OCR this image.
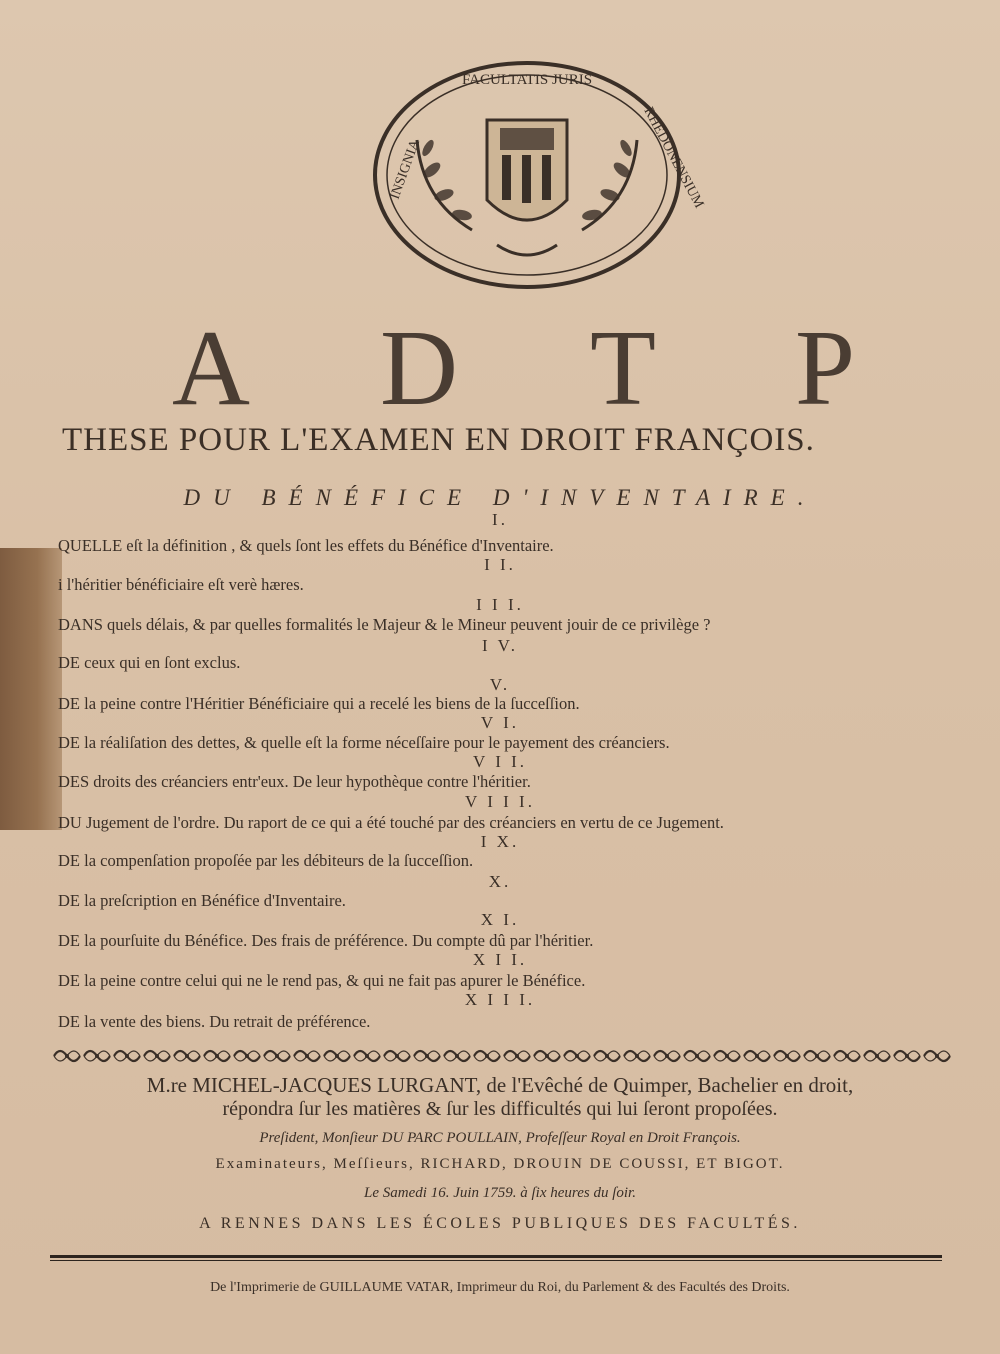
FACULTATIS JURIS
INSIGNIA	RHEDONENSIUM
A D T P
THESE POUR L'EXAMEN EN DROIT FRANÇOIS.
DU BÉNÉFICE D'INVENTAIRE.
I.
QUELLE eſt la définition , & quels ſont les effets du Bénéfice d'Inventaire.
I I.
i l'héritier bénéficiaire eſt verè hæres.
I I I.
DANS quels délais, & par quelles formalités le Majeur & le Mineur peuvent jouir de ce privilège ?
I V.
DE ceux qui en ſont exclus.
V.
DE la peine contre l'Héritier Bénéficiaire qui a recelé les biens de la ſucceſſion.
V I.
DE la réaliſation des dettes, & quelle eſt la forme néceſſaire pour le payement des créanciers.
V I I.
DES droits des créanciers entr'eux. De leur hypothèque contre l'héritier.
V I I I.
DU Jugement de l'ordre. Du raport de ce qui a été touché par des créanciers en vertu de ce Jugement.
I X.
DE la compenſation propoſée par les débiteurs de la ſucceſſion.
X.
DE la preſcription en Bénéfice d'Inventaire.
X I.
DE la pourſuite du Bénéfice. Des frais de préférence. Du compte dû par l'héritier.
X I I.
DE la peine contre celui qui ne le rend pas, & qui ne fait pas apurer le Bénéfice.
X I I I.
DE la vente des biens. Du retrait de préférence.
M.re MICHEL-JACQUES LURGANT, de l'Evêché de Quimper, Bachelier en droit,
répondra ſur les matières & ſur les difficultés qui lui ſeront propoſées.
Preſident, Monſieur DU PARC POULLAIN, Profeſſeur Royal en Droit François.
Examinateurs, Meſſieurs, RICHARD, DROUIN DE COUSSI, ET BIGOT.
Le Samedi 16. Juin 1759. à ſix heures du ſoir.
A RENNES DANS LES ÉCOLES PUBLIQUES DES FACULTÉS.
De l'Imprimerie de GUILLAUME VATAR, Imprimeur du Roi, du Parlement & des Facultés des Droits.
